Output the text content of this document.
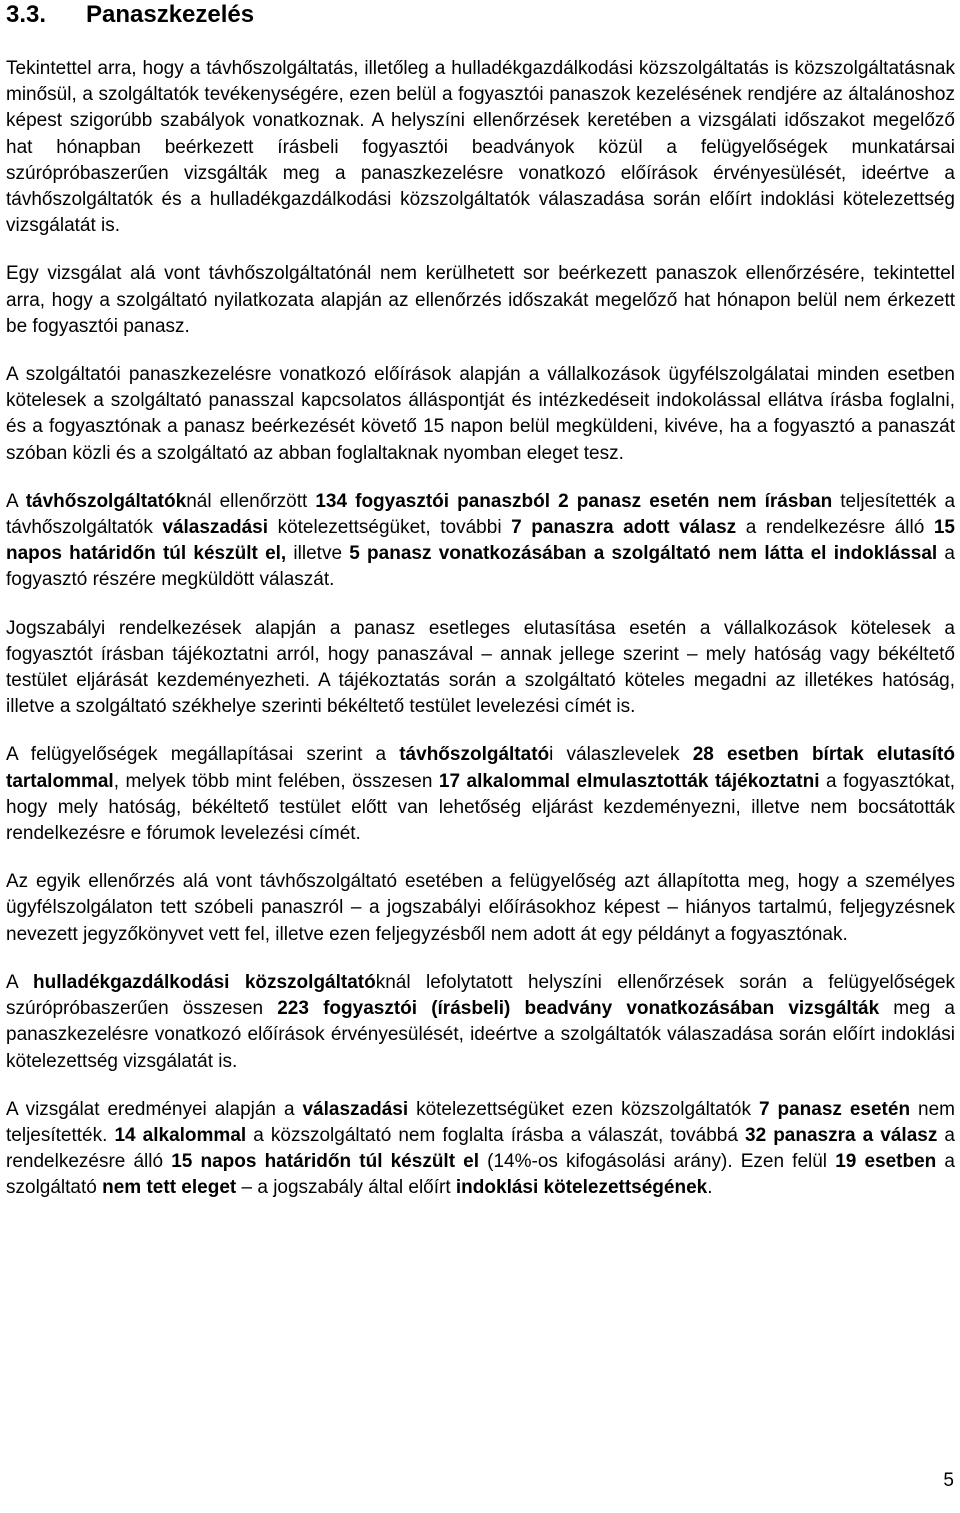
3.3. Panaszkezelés

Tekintettel arra, hogy a távhőszolgáltatás, illetőleg a hulladékgazdálkodási közszolgáltatás is közszolgáltatásnak minősül, a szolgáltatók tevékenységére, ezen belül a fogyasztói panaszok kezelésének rendjére az általánoshoz képest szigorúbb szabályok vonatkoznak. A helyszíni ellenőrzések keretében a vizsgálati időszakot megelőző hat hónapban beérkezett írásbeli fogyasztói beadványok közül a felügyelőségek munkatársai szúrópróbaszerűen vizsgálták meg a panaszkezelésre vonatkozó előírások érvényesülését, ideértve a távhőszolgáltatók és a hulladékgazdálkodási közszolgáltatók válaszadása során előírt indoklási kötelezettség vizsgálatát is.

Egy vizsgálat alá vont távhőszolgáltatónál nem kerülhetett sor beérkezett panaszok ellenőrzésére, tekintettel arra, hogy a szolgáltató nyilatkozata alapján az ellenőrzés időszakát megelőző hat hónapon belül nem érkezett be fogyasztói panasz.

A szolgáltatói panaszkezelésre vonatkozó előírások alapján a vállalkozások ügyfélszolgálatai minden esetben kötelesek a szolgáltató panasszal kapcsolatos álláspontját és intézkedéseit indokolással ellátva írásba foglalni, és a fogyasztónak a panasz beérkezését követő 15 napon belül megküldeni, kivéve, ha a fogyasztó a panaszát szóban közli és a szolgáltató az abban foglaltaknak nyomban eleget tesz.

A távhőszolgáltatóknál ellenőrzött 134 fogyasztói panaszból 2 panasz esetén nem írásban teljesítették a távhőszolgáltatók válaszadási kötelezettségüket, további 7 panaszra adott válasz a rendelkezésre álló 15 napos határidőn túl készült el, illetve 5 panasz vonatkozásában a szolgáltató nem látta el indoklással a fogyasztó részére megküldött válaszát.

Jogszabályi rendelkezések alapján a panasz esetleges elutasítása esetén a vállalkozások kötelesek a fogyasztót írásban tájékoztatni arról, hogy panaszával – annak jellege szerint – mely hatóság vagy békéltető testület eljárását kezdeményezheti. A tájékoztatás során a szolgáltató köteles megadni az illetékes hatóság, illetve a szolgáltató székhelye szerinti békéltető testület levelezési címét is.

A felügyelőségek megállapításai szerint a távhőszolgáltatói válaszlevelek 28 esetben bírtak elutasító tartalommal, melyek több mint felében, összesen 17 alkalommal elmulasztották tájékoztatni a fogyasztókat, hogy mely hatóság, békéltető testület előtt van lehetőség eljárást kezdeményezni, illetve nem bocsátották rendelkezésre e fórumok levelezési címét.

Az egyik ellenőrzés alá vont távhőszolgáltató esetében a felügyelőség azt állapította meg, hogy a személyes ügyfélszolgálaton tett szóbeli panaszról – a jogszabályi előírásokhoz képest – hiányos tartalmú, feljegyzésnek nevezett jegyzőkönyvet vett fel, illetve ezen feljegyzésből nem adott át egy példányt a fogyasztónak.

A hulladékgazdálkodási közszolgáltatóknál lefolytatott helyszíni ellenőrzések során a felügyelőségek szúrópróbaszerűen összesen 223 fogyasztói (írásbeli) beadvány vonatkozásában vizsgálták meg a panaszkezelésre vonatkozó előírások érvényesülését, ideértve a szolgáltatók válaszadása során előírt indoklási kötelezettség vizsgálatát is.

A vizsgálat eredményei alapján a válaszadási kötelezettségüket ezen közszolgáltatók 7 panasz esetén nem teljesítették. 14 alkalommal a közszolgáltató nem foglalta írásba a válaszát, továbbá 32 panaszra a válasz a rendelkezésre álló 15 napos határidőn túl készült el (14%-os kifogásolási arány). Ezen felül 19 esetben a szolgáltató nem tett eleget – a jogszabály által előírt indoklási kötelezettségének.

5
